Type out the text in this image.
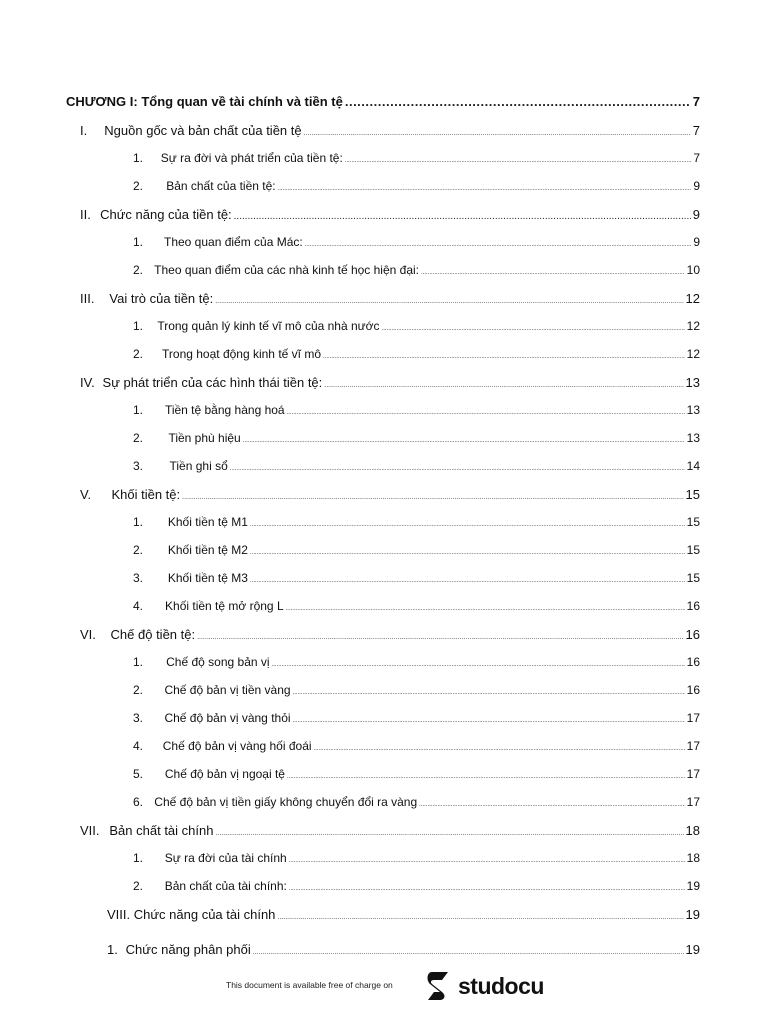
CHƯƠNG I: Tổng quan về tài chính và tiền tệ .....	7
I.	Nguồn gốc và bản chất của tiền tệ .....	7
1.	Sự ra đời và phát triển của tiền tệ: .....	7
2.	Bản chất của tiền tệ: .....	9
II. Chức năng của tiền tệ: .....	9
1.	Theo quan điểm của Mác: .....	9
2. Theo quan điểm của các nhà kinh tế học hiện đại: .....	10
III.	Vai trò của tiền tệ: .....	12
1.	Trong quản lý kinh tế vĩ mô của nhà nước .....	12
2.	Trong hoạt động kinh tế vĩ mô .....	12
IV. Sự phát triển của các hình thái tiền tệ: .....	13
1.	Tiền tệ bằng hàng hoá .....	13
2.	Tiền phù hiệu .....	13
3.	Tiền ghi sổ .....	14
V.	Khối tiền tệ: .....	15
1.	Khối tiền tệ M1 .....	15
2.	Khối tiền tệ M2 .....	15
3.	Khối tiền tệ M3 .....	15
4.	Khối tiền tệ mở rộng L .....	16
VI.	Chế độ tiền tệ: .....	16
1.	Chế độ song bản vị .....	16
2.	Chế độ bản vị tiền vàng .....	16
3.	Chế độ bản vị vàng thỏi .....	17
4.	Chế độ bản vị vàng hối đoái .....	17
5.	Chế độ bản vị ngoại tệ .....	17
6. Chế độ bản vị tiền giấy không chuyển đổi ra vàng .....	17
VII. Bản chất tài chính .....	18
1.	Sự ra đời của tài chính .....	18
2.	Bản chất của tài chính: .....	19
VIII. Chức năng của tài chính .....	19
1. Chức năng phân phối .....	19
This document is available free of charge on	studocu
